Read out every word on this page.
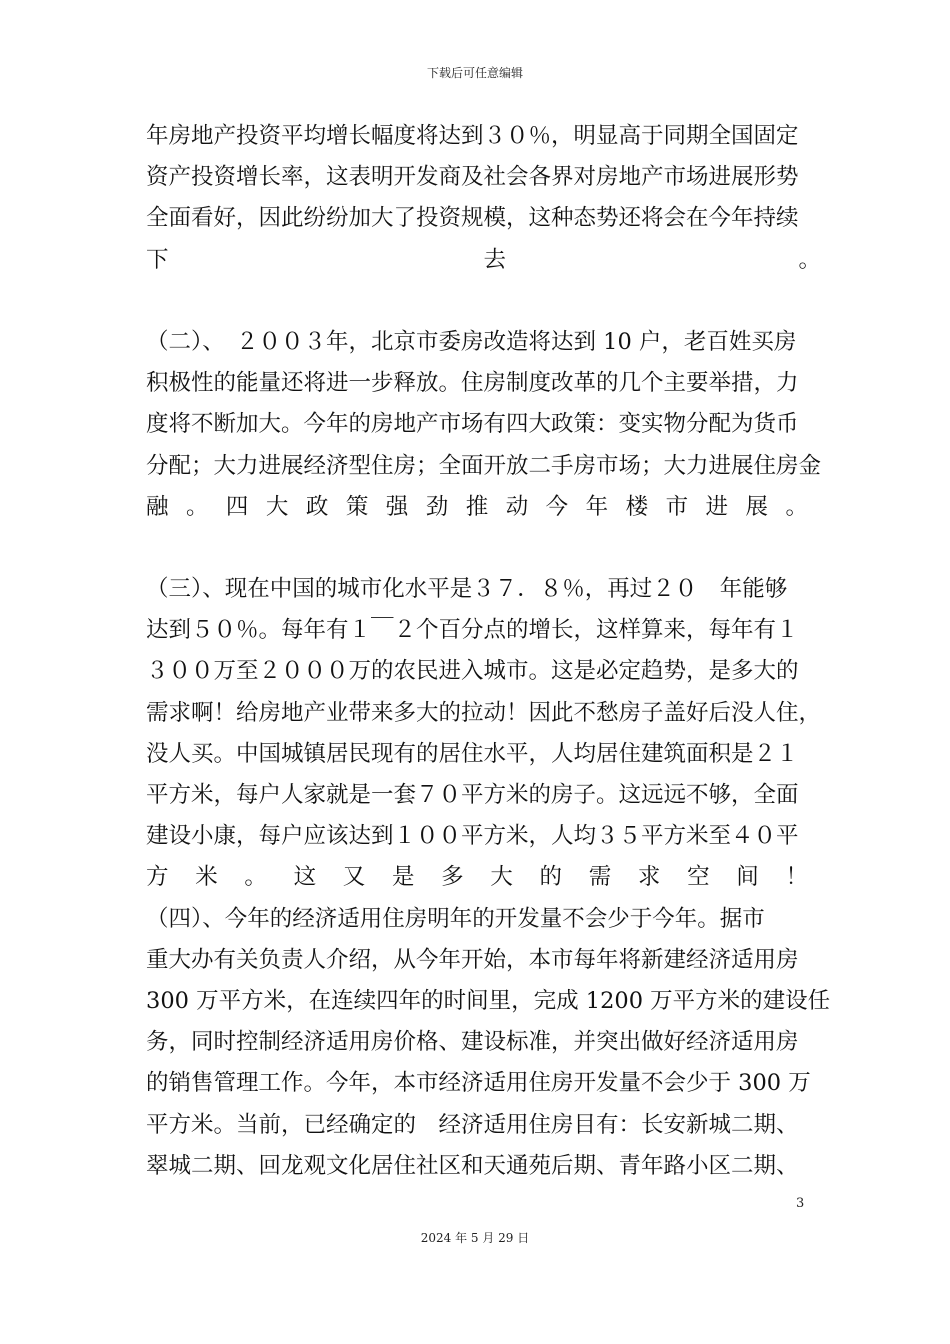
下载后可任意编辑
年房地产投资平均增长幅度将达到３０％，明显高于同期全国固定
资产投资增长率，这表明开发商及社会各界对房地产市场进展形势
全面看好，因此纷纷加大了投资规模，这种态势还将会在今年持续
下　　　　　　　　　　　　　　去　　　　　　　　　　　　　。
（二）、　２００３年，北京市委房改造将达到 10 户，老百姓买房
积极性的能量还将进一步释放。住房制度改革的几个主要举措，力
度将不断加大。今年的房地产市场有四大政策：变实物分配为货币
分配；大力进展经济型住房；全面开放二手房市场；大力进展住房金
融 。 四 大 政 策 强 劲 推 动 今 年 楼 市 进 展 。
（三）、现在中国的城市化水平是３７．８％，再过２０　年能够
达到５０％。每年有１￣２个百分点的增长，这样算来，每年有１
３００万至２０００万的农民进入城市。这是必定趋势，是多大的
需求啊！给房地产业带来多大的拉动！因此不愁房子盖好后没人住，
没人买。中国城镇居民现有的居住水平，人均居住建筑面积是２１
平方米，每户人家就是一套７０平方米的房子。这远远不够，全面
建设小康，每户应该达到１００平方米，人均３５平方米至４０平
方 米 。 这 又 是 多 大 的 需 求 空 间 ！
（四）、今年的经济适用住房明年的开发量不会少于今年。据市
重大办有关负责人介绍，从今年开始，本市每年将新建经济适用房
300 万平方米，在连续四年的时间里，完成 1200 万平方米的建设任
务，同时控制经济适用房价格、建设标准，并突出做好经济适用房
的销售管理工作。今年，本市经济适用住房开发量不会少于 300 万
平方米。当前，已经确定的　经济适用住房目有：长安新城二期、
翠城二期、回龙观文化居住社区和天通苑后期、青年路小区二期、
3
2024 年 5 月 29 日
